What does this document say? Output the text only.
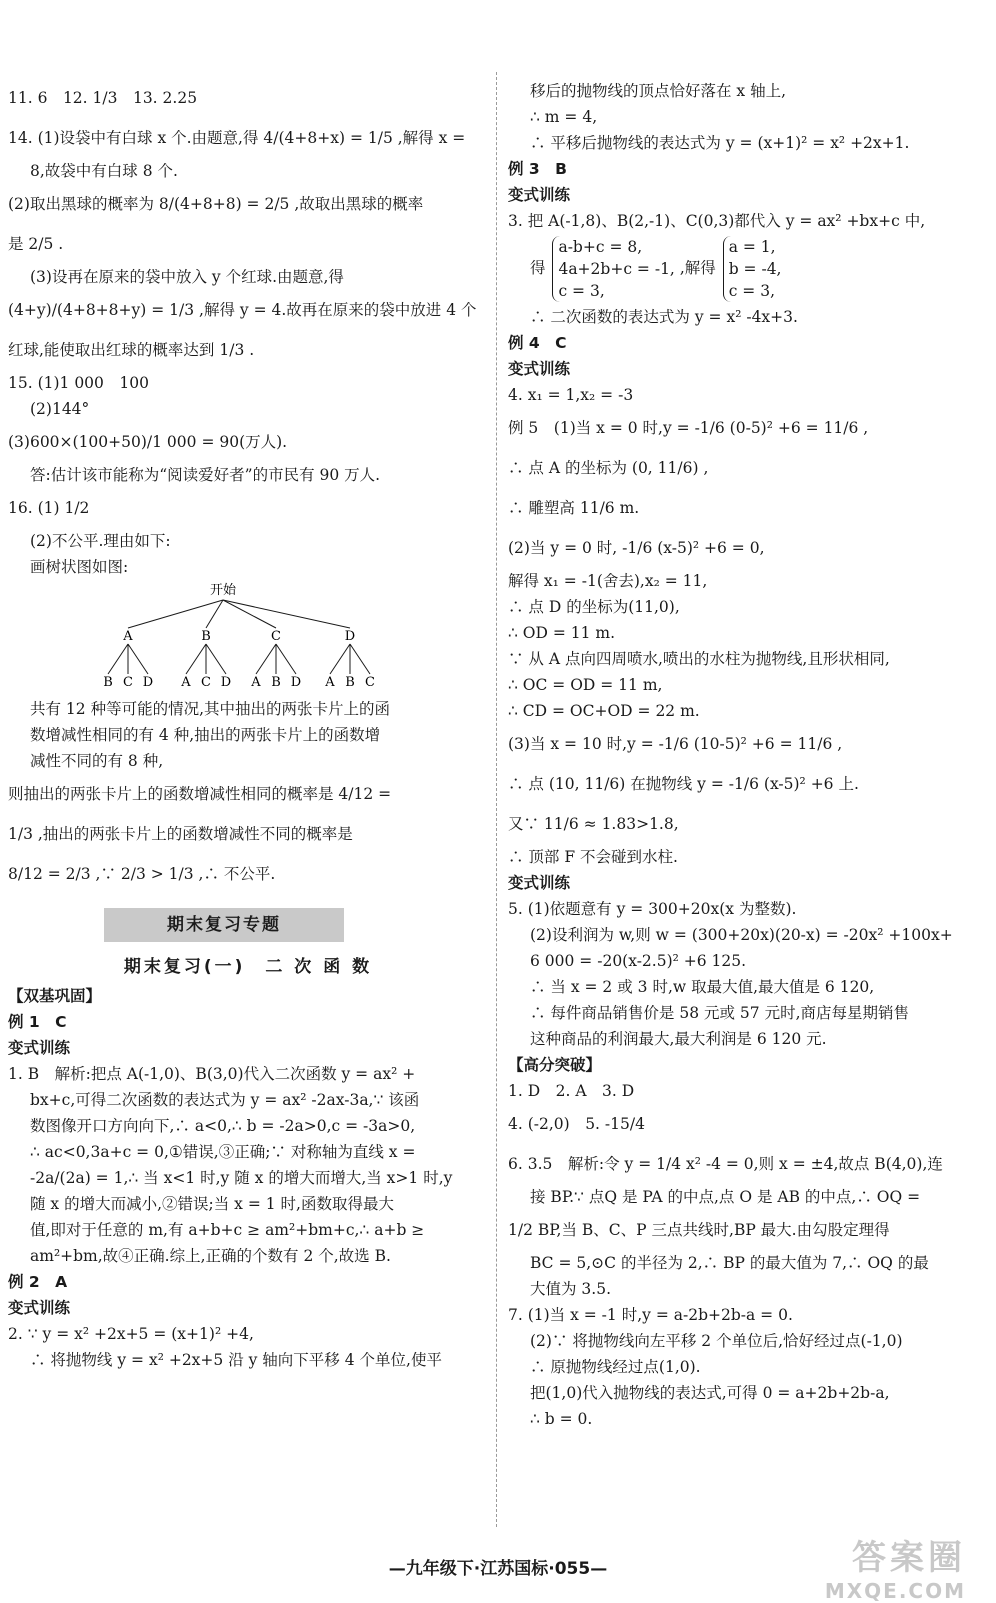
11. 6　12. 1/3　13. 2.25
14. (1)设袋中有白球 x 个.由题意,得 4/(4+8+x) = 1/5 ,解得 x =
8,故袋中有白球 8 个.
(2)取出黑球的概率为 8/(4+8+8) = 2/5 ,故取出黑球的概率
是 2/5 .
(3)设再在原来的袋中放入 y 个红球.由题意,得
(4+y)/(4+8+8+y) = 1/3 ,解得 y = 4.故再在原来的袋中放进 4 个
红球,能使取出红球的概率达到 1/3 .
15. (1)1 000　100
(2)144°
(3)600×(100+50)/1 000 = 90(万人).
答:估计该市能称为“阅读爱好者”的市民有 90 万人.
16. (1) 1/2
(2)不公平.理由如下:
画树状图如图:
开始
A
B C D
B
A C D
C
A B D
D
A B C
共有 12 种等可能的情况,其中抽出的两张卡片上的函
数增减性相同的有 4 种,抽出的两张卡片上的函数增
减性不同的有 8 种,
则抽出的两张卡片上的函数增减性相同的概率是 4/12 =
1/3 ,抽出的两张卡片上的函数增减性不同的概率是
8/12 = 2/3 ,∵ 2/3 > 1/3 ,∴ 不公平.
期末复习专题
期末复习(一)　二 次 函 数
【双基巩固】
例 1　C
变式训练
1. B　解析:把点 A(-1,0)、B(3,0)代入二次函数 y = ax² +
bx+c,可得二次函数的表达式为 y = ax² -2ax-3a,∵ 该函
数图像开口方向向下,∴ a<0,∴ b = -2a>0,c = -3a>0,
∴ ac<0,3a+c = 0,①错误,③正确;∵ 对称轴为直线 x =
-2a/(2a) = 1,∴ 当 x<1 时,y 随 x 的增大而增大,当 x>1 时,y
随 x 的增大而减小,②错误;当 x = 1 时,函数取得最大
值,即对于任意的 m,有 a+b+c ≥ am²+bm+c,∴ a+b ≥
am²+bm,故④正确.综上,正确的个数有 2 个,故选 B.
例 2　A
变式训练
2. ∵ y = x² +2x+5 = (x+1)² +4,
∴ 将抛物线 y = x² +2x+5 沿 y 轴向下平移 4 个单位,使平
移后的抛物线的顶点恰好落在 x 轴上,
∴ m = 4,
∴ 平移后抛物线的表达式为 y = (x+1)² = x² +2x+1.
例 3　B
变式训练
3. 把 A(-1,8)、B(2,-1)、C(0,3)都代入 y = ax² +bx+c 中,
得
a-b+c = 8,
4a+2b+c = -1,
c = 3,
,解得
a = 1,
b = -4,
c = 3,
∴ 二次函数的表达式为 y = x² -4x+3.
例 4　C
变式训练
4. x₁ = 1,x₂ = -3
例 5　(1)当 x = 0 时,y = -1/6 (0-5)² +6 = 11/6 ,
∴ 点 A 的坐标为 (0, 11/6) ,
∴ 雕塑高 11/6 m.
(2)当 y = 0 时, -1/6 (x-5)² +6 = 0,
解得 x₁ = -1(舍去),x₂ = 11,
∴ 点 D 的坐标为(11,0),
∴ OD = 11 m.
∵ 从 A 点向四周喷水,喷出的水柱为抛物线,且形状相同,
∴ OC = OD = 11 m,
∴ CD = OC+OD = 22 m.
(3)当 x = 10 时,y = -1/6 (10-5)² +6 = 11/6 ,
∴ 点 (10, 11/6) 在抛物线 y = -1/6 (x-5)² +6 上.
又∵ 11/6 ≈ 1.83>1.8,
∴ 顶部 F 不会碰到水柱.
变式训练
5. (1)依题意有 y = 300+20x(x 为整数).
(2)设利润为 w,则 w = (300+20x)(20-x) = -20x² +100x+
6 000 = -20(x-2.5)² +6 125.
∴ 当 x = 2 或 3 时,w 取最大值,最大值是 6 120,
∴ 每件商品销售价是 58 元或 57 元时,商店每星期销售
这种商品的利润最大,最大利润是 6 120 元.
【高分突破】
1. D　2. A　3. D
4. (-2,0)　5. -15/4
6. 3.5　解析:令 y = 1/4 x² -4 = 0,则 x = ±4,故点 B(4,0),连
接 BP.∵ 点Q 是 PA 的中点,点 O 是 AB 的中点,∴ OQ =
1/2 BP,当 B、C、P 三点共线时,BP 最大.由勾股定理得
BC = 5,⊙C 的半径为 2,∴ BP 的最大值为 7,∴ OQ 的最
大值为 3.5.
7. (1)当 x = -1 时,y = a-2b+2b-a = 0.
(2)∵ 将抛物线向左平移 2 个单位后,恰好经过点(-1,0)
∴ 原抛物线经过点(1,0).
把(1,0)代入抛物线的表达式,可得 0 = a+2b+2b-a,
∴ b = 0.
—九年级下·江苏国标·055—	答案圈
MXQE.COM
